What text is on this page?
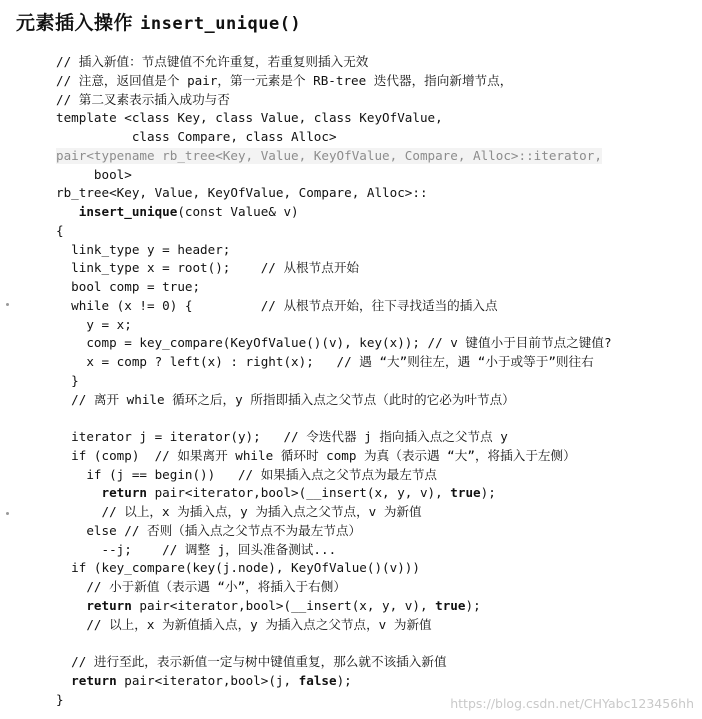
元素插入操作 insert_unique()
// 插入新值：节点键值不允许重复，若重复则插入无效
// 注意，返回值是个 pair，第一元素是个 RB-tree 迭代器，指向新增节点，
// 第二叉素表示插入成功与否
template <class Key, class Value, class KeyOfValue,
class Compare, class Alloc>
pair<typename rb_tree<Key, Value, KeyOfValue, Compare, Alloc>::iterator,
bool>
rb_tree<Key, Value, KeyOfValue, Compare, Alloc>::
insert_unique(const Value& v)
{
link_type y = header;
link_type x = root();    // 从根节点开始
bool comp = true;
while (x != 0) {         // 从根节点开始，往下寻找适当的插入点
y = x;
comp = key_compare(KeyOfValue()(v), key(x)); // v 键值小于目前节点之键值?
x = comp ? left(x) : right(x);   // 遇 “大”则往左，遇 “小于或等于”则往右
}
// 离开 while 循环之后，y 所指即插入点之父节点（此时的它必为叶节点）
iterator j = iterator(y);   // 令迭代器 j 指向插入点之父节点 y
if (comp)  // 如果离开 while 循环时 comp 为真（表示遇 “大”，将插入于左侧）
if (j == begin())   // 如果插入点之父节点为最左节点
return pair<iterator,bool>(__insert(x, y, v), true);
// 以上，x 为插入点，y 为插入点之父节点，v 为新值
else // 否则（插入点之父节点不为最左节点）
--j;    // 调整 j，回头准备测试...
if (key_compare(key(j.node), KeyOfValue()(v)))
// 小于新值（表示遇 “小”，将插入于右侧）
return pair<iterator,bool>(__insert(x, y, v), true);
// 以上，x 为新值插入点，y 为插入点之父节点，v 为新值
// 进行至此，表示新值一定与树中键值重复，那么就不该插入新值
return pair<iterator,bool>(j, false);
}	https://blog.csdn.net/CHYabc123456hh
